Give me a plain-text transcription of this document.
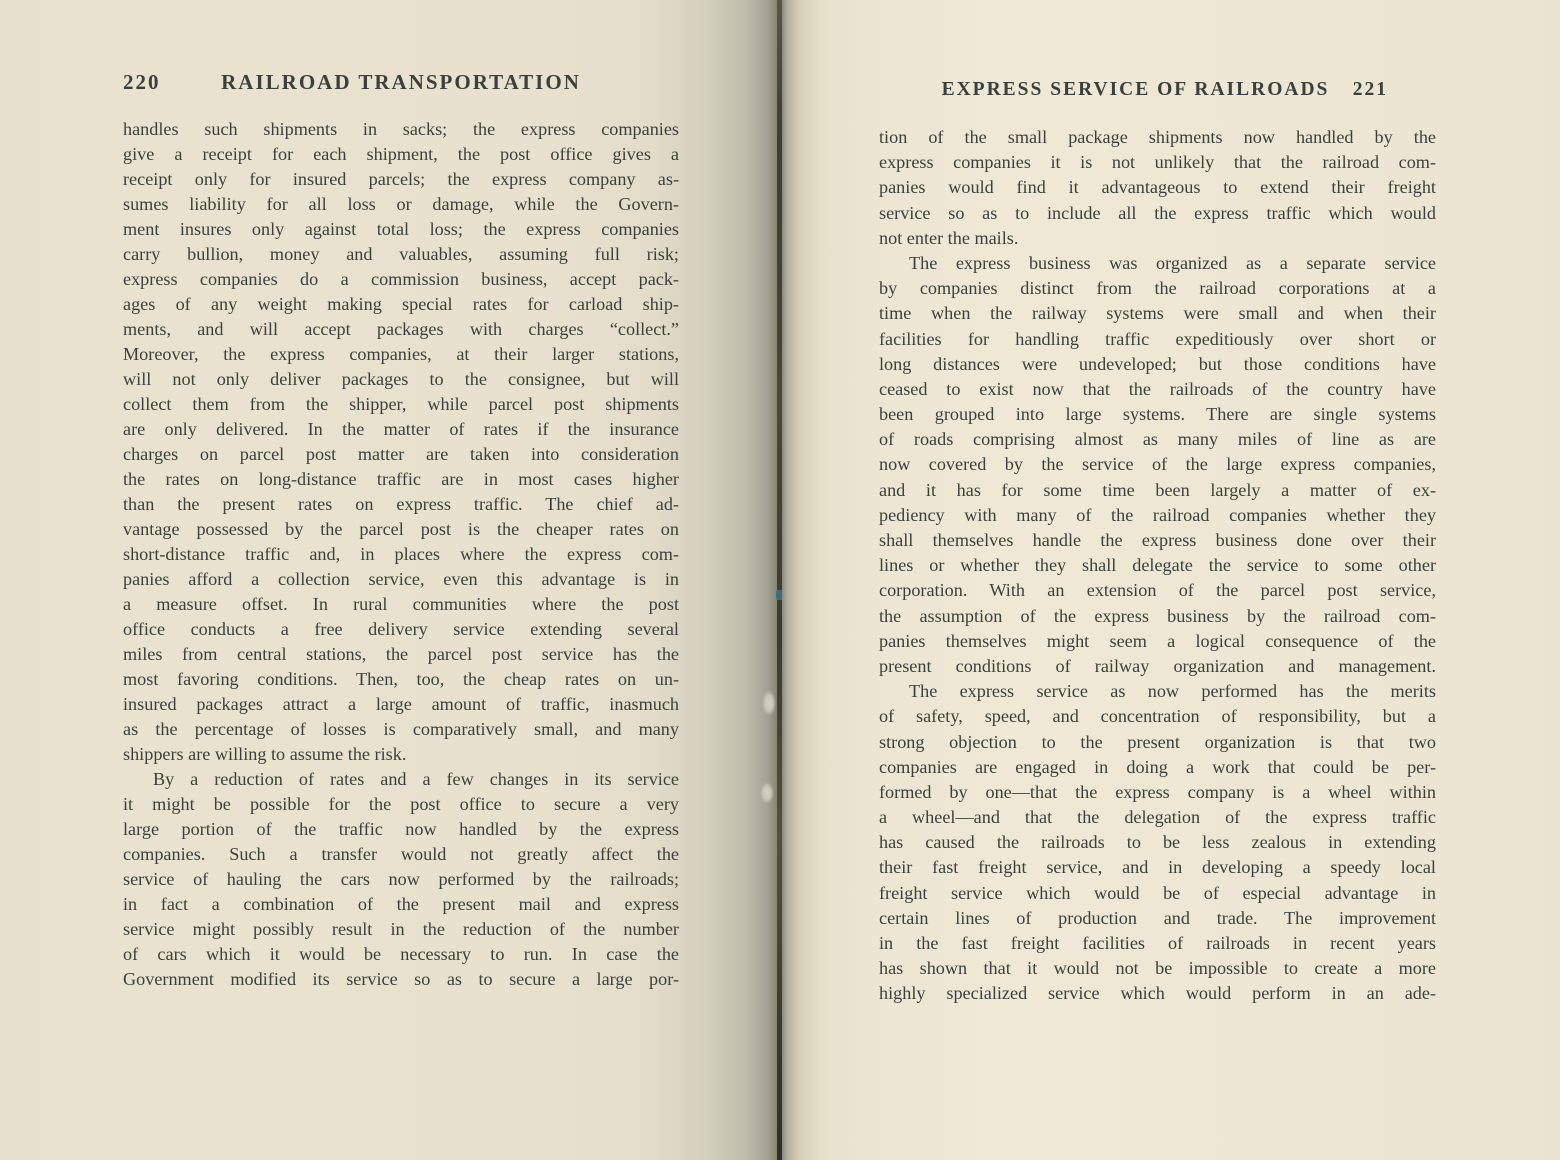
220	RAILROAD TRANSPORTATION
handles such shipments in sacks; the express companies
give a receipt for each shipment, the post office gives a
receipt only for insured parcels; the express company as-
sumes liability for all loss or damage, while the Govern-
ment insures only against total loss; the express companies
carry bullion, money and valuables, assuming full risk;
express companies do a commission business, accept pack-
ages of any weight making special rates for carload ship-
ments, and will accept packages with charges “collect.”
Moreover, the express companies, at their larger stations,
will not only deliver packages to the consignee, but will
collect them from the shipper, while parcel post shipments
are only delivered. In the matter of rates if the insurance
charges on parcel post matter are taken into consideration
the rates on long-distance traffic are in most cases higher
than the present rates on express traffic. The chief ad-
vantage possessed by the parcel post is the cheaper rates on
short-distance traffic and, in places where the express com-
panies afford a collection service, even this advantage is in
a measure offset. In rural communities where the post
office conducts a free delivery service extending several
miles from central stations, the parcel post service has the
most favoring conditions. Then, too, the cheap rates on un-
insured packages attract a large amount of traffic, inasmuch
as the percentage of losses is comparatively small, and many
shippers are willing to assume the risk.
By a reduction of rates and a few changes in its service
it might be possible for the post office to secure a very
large portion of the traffic now handled by the express
companies. Such a transfer would not greatly affect the
service of hauling the cars now performed by the railroads;
in fact a combination of the present mail and express
service might possibly result in the reduction of the number
of cars which it would be necessary to run. In case the
Government modified its service so as to secure a large por-
EXPRESS SERVICE OF RAILROADS	221
tion of the small package shipments now handled by the
express companies it is not unlikely that the railroad com-
panies would find it advantageous to extend their freight
service so as to include all the express traffic which would
not enter the mails.
The express business was organized as a separate service
by companies distinct from the railroad corporations at a
time when the railway systems were small and when their
facilities for handling traffic expeditiously over short or
long distances were undeveloped; but those conditions have
ceased to exist now that the railroads of the country have
been grouped into large systems. There are single systems
of roads comprising almost as many miles of line as are
now covered by the service of the large express companies,
and it has for some time been largely a matter of ex-
pediency with many of the railroad companies whether they
shall themselves handle the express business done over their
lines or whether they shall delegate the service to some other
corporation. With an extension of the parcel post service,
the assumption of the express business by the railroad com-
panies themselves might seem a logical consequence of the
present conditions of railway organization and management.
The express service as now performed has the merits
of safety, speed, and concentration of responsibility, but a
strong objection to the present organization is that two
companies are engaged in doing a work that could be per-
formed by one—that the express company is a wheel within
a wheel—and that the delegation of the express traffic
has caused the railroads to be less zealous in extending
their fast freight service, and in developing a speedy local
freight service which would be of especial advantage in
certain lines of production and trade. The improvement
in the fast freight facilities of railroads in recent years
has shown that it would not be impossible to create a more
highly specialized service which would perform in an ade-
